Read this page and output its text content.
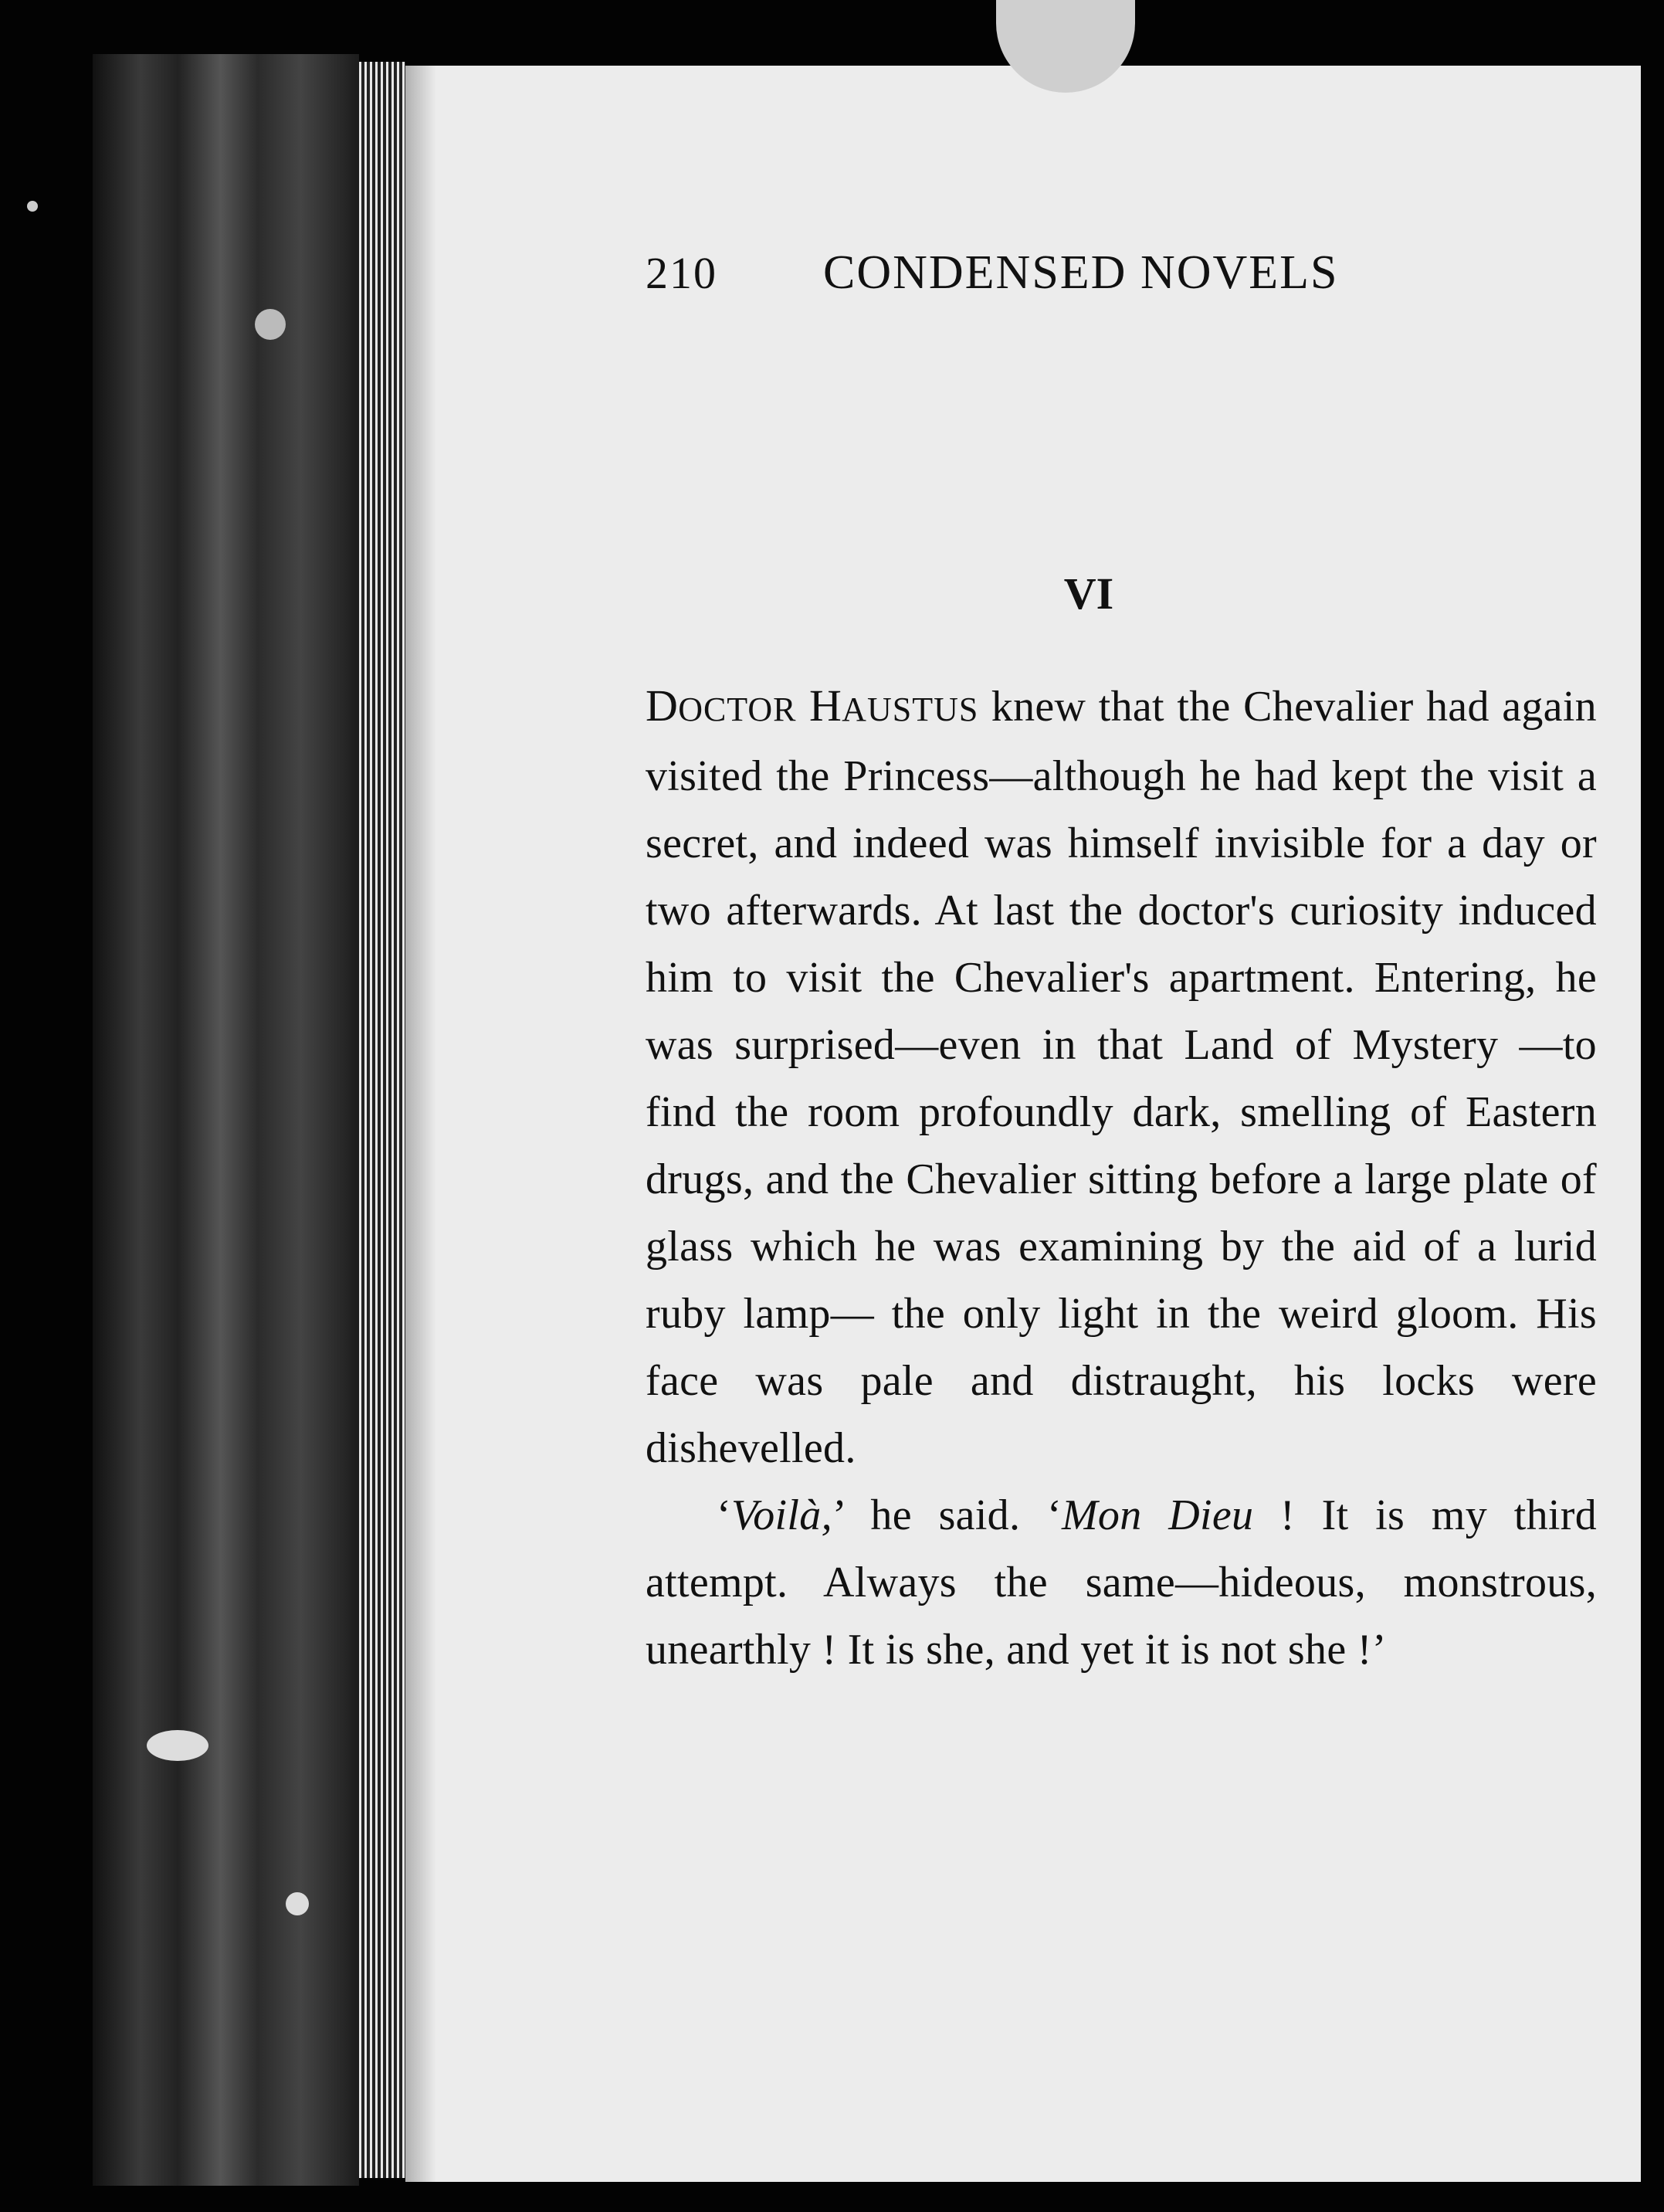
210 CONDENSED NOVELS
VI

DOCTOR HAUSTUS knew that the Chevalier had again visited the Princess—although he had kept the visit a secret, and indeed was himself invisible for a day or two afterwards. At last the doctor's curiosity induced him to visit the Chevalier's apartment. Entering, he was surprised—even in that Land of Mystery —to find the room profoundly dark, smelling of Eastern drugs, and the Chevalier sitting before a large plate of glass which he was examining by the aid of a lurid ruby lamp— the only light in the weird gloom. His face was pale and distraught, his locks were dishevelled.

‘Voilà,’ he said. ‘Mon Dieu ! It is my third attempt. Always the same—hideous, monstrous, unearthly ! It is she, and yet it is not she !’
